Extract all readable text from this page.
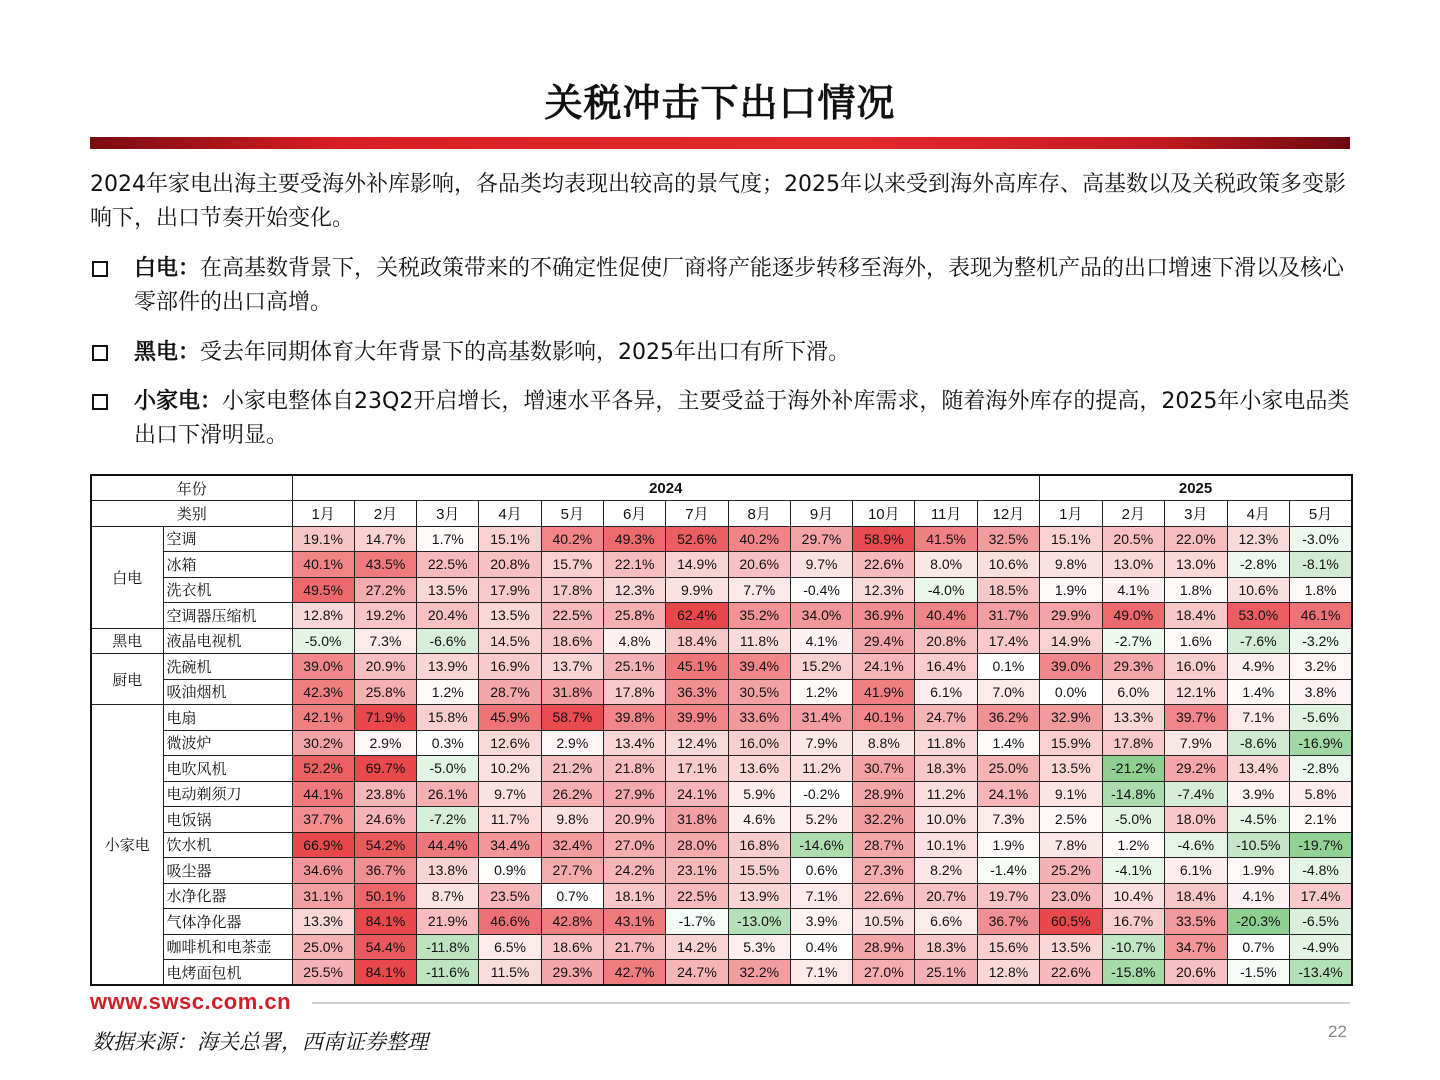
关税冲击下出口情况
2024年家电出海主要受海外补库影响，各品类均表现出较高的景气度；2025年以来受到海外高库存、高基数以及关税政策多变影响下，出口节奏开始变化。
白电：在高基数背景下，关税政策带来的不确定性促使厂商将产能逐步转移至海外，表现为整机产品的出口增速下滑以及核心零部件的出口高增。
黑电：受去年同期体育大年背景下的高基数影响，2025年出口有所下滑。
小家电：小家电整体自23Q2开启增长，增速水平各异，主要受益于海外补库需求，随着海外库存的提高，2025年小家电品类出口下滑明显。
年份		2024												2025				
类别		1月	2月	3月	4月	5月	6月	7月	8月	9月	10月	11月	12月	1月	2月	3月	4月	5月
白电	空调	19.1%	14.7%	1.7%	15.1%	40.2%	49.3%	52.6%	40.2%	29.7%	58.9%	41.5%	32.5%	15.1%	20.5%	22.0%	12.3%	-3.0%
	冰箱	40.1%	43.5%	22.5%	20.8%	15.7%	22.1%	14.9%	20.6%	9.7%	22.6%	8.0%	10.6%	9.8%	13.0%	13.0%	-2.8%	-8.1%
	洗衣机	49.5%	27.2%	13.5%	17.9%	17.8%	12.3%	9.9%	7.7%	-0.4%	12.3%	-4.0%	18.5%	1.9%	4.1%	1.8%	10.6%	1.8%
	空调器压缩机	12.8%	19.2%	20.4%	13.5%	22.5%	25.8%	62.4%	35.2%	34.0%	36.9%	40.4%	31.7%	29.9%	49.0%	18.4%	53.0%	46.1%
黑电	液晶电视机	-5.0%	7.3%	-6.6%	14.5%	18.6%	4.8%	18.4%	11.8%	4.1%	29.4%	20.8%	17.4%	14.9%	-2.7%	1.6%	-7.6%	-3.2%
厨电	洗碗机	39.0%	20.9%	13.9%	16.9%	13.7%	25.1%	45.1%	39.4%	15.2%	24.1%	16.4%	0.1%	39.0%	29.3%	16.0%	4.9%	3.2%
	吸油烟机	42.3%	25.8%	1.2%	28.7%	31.8%	17.8%	36.3%	30.5%	1.2%	41.9%	6.1%	7.0%	0.0%	6.0%	12.1%	1.4%	3.8%
小家电	电扇	42.1%	71.9%	15.8%	45.9%	58.7%	39.8%	39.9%	33.6%	31.4%	40.1%	24.7%	36.2%	32.9%	13.3%	39.7%	7.1%	-5.6%
	微波炉	30.2%	2.9%	0.3%	12.6%	2.9%	13.4%	12.4%	16.0%	7.9%	8.8%	11.8%	1.4%	15.9%	17.8%	7.9%	-8.6%	-16.9%
	电吹风机	52.2%	69.7%	-5.0%	10.2%	21.2%	21.8%	17.1%	13.6%	11.2%	30.7%	18.3%	25.0%	13.5%	-21.2%	29.2%	13.4%	-2.8%
	电动剃须刀	44.1%	23.8%	26.1%	9.7%	26.2%	27.9%	24.1%	5.9%	-0.2%	28.9%	11.2%	24.1%	9.1%	-14.8%	-7.4%	3.9%	5.8%
	电饭锅	37.7%	24.6%	-7.2%	11.7%	9.8%	20.9%	31.8%	4.6%	5.2%	32.2%	10.0%	7.3%	2.5%	-5.0%	18.0%	-4.5%	2.1%
	饮水机	66.9%	54.2%	44.4%	34.4%	32.4%	27.0%	28.0%	16.8%	-14.6%	28.7%	10.1%	1.9%	7.8%	1.2%	-4.6%	-10.5%	-19.7%
	吸尘器	34.6%	36.7%	13.8%	0.9%	27.7%	24.2%	23.1%	15.5%	0.6%	27.3%	8.2%	-1.4%	25.2%	-4.1%	6.1%	1.9%	-4.8%
	水净化器	31.1%	50.1%	8.7%	23.5%	0.7%	18.1%	22.5%	13.9%	7.1%	22.6%	20.7%	19.7%	23.0%	10.4%	18.4%	4.1%	17.4%
	气体净化器	13.3%	84.1%	21.9%	46.6%	42.8%	43.1%	-1.7%	-13.0%	3.9%	10.5%	6.6%	36.7%	60.5%	16.7%	33.5%	-20.3%	-6.5%
	咖啡机和电茶壶	25.0%	54.4%	-11.8%	6.5%	18.6%	21.7%	14.2%	5.3%	0.4%	28.9%	18.3%	15.6%	13.5%	-10.7%	34.7%	0.7%	-4.9%
	电烤面包机	25.5%	84.1%	-11.6%	11.5%	29.3%	42.7%	24.7%	32.2%	7.1%	27.0%	25.1%	12.8%	22.6%	-15.8%	20.6%	-1.5%	-13.4%
www.swsc.com.cn
数据来源：海关总署，西南证券整理	22
